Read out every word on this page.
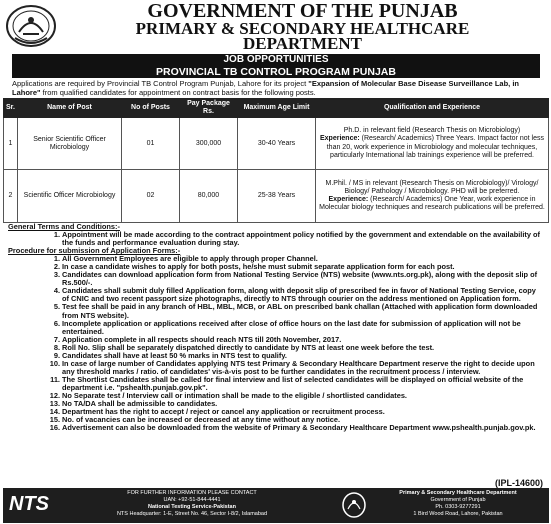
GOVERNMENT OF THE PUNJAB
PRIMARY & SECONDARY HEALTHCARE
DEPARTMENT
JOB OPPORTUNITIES
PROVINCIAL TB CONTROL PROGRAM PUNJAB
Applications are required by Provincial TB Control Program Punjab, Lahore for its project "Expansion of Molecular Base Disease Surveillance Lab, in Lahore" from qualified candidates for appointment on contract basis for the following posts.
Sr.	Name of Post	No of Posts	Pay Package Rs.	Maximum Age Limit	Qualification and Experience
1	Senior Scientific Officer Microbiology	01	300,000	30-40 Years	Ph.D. in relevant field (Research Thesis on Microbiology)
Experience: (Research/ Academics) Three Years. Impact factor not less than 20, work experience in Microbiology and molecular techniques, particularly International lab trainings experience will be preferred.
2	Scientific Officer Microbiology	02	80,000	25-38 Years	M.Phil. / MS in relevant (Research Thesis on Microbiology)/ Virology/ Biology/ Pathology / Microbiology. PHD will be preferred.
Experience: (Research/ Academics) One Year, work experience in Molecular biology techniques and research publications will be preferred.
General Terms and Conditions:-
1. Appointment will be made according to the contract appointment policy notified by the government and extendable on the availability of the funds and performance evaluation during stay.
Procedure for submission of Application Forms:-
1. All Government Employees are eligible to apply through proper Channel.
2. In case a candidate wishes to apply for both posts, he/she must submit separate application form for each post.
3. Candidates can download application form from National Testing Service (NTS) website (www.nts.org.pk), along with the deposit slip of Rs.500/-.
4. Candidates shall submit duly filled Application form, along with deposit slip of prescribed fee in favor of National Testing Service, copy of CNIC and two recent passport size photographs, directly to NTS through courier on the address mentioned on Application form.
5. Test fee shall be paid in any branch of HBL, MBL, MCB, or ABL on prescribed bank challan (Attached with application form downloaded from NTS website).
6. Incomplete application or applications received after close of office hours on the last date for submission of application will not be entertained.
7. Application complete in all respects should reach NTS till 20th November, 2017.
8. Roll No. Slip shall be separately dispatched directly to candidate by NTS at least one week before the test.
9. Candidates shall have at least 50 % marks in NTS test to qualify.
10. In case of large number of Candidates applying NTS test Primary & Secondary Healthcare Department reserve the right to decide upon any threshold marks / ratio. of candidates' vis-à-vis post to be further candidates in the recruitment process / interview.
11. The Shortlist Candidates shall be called for final interview and list of selected candidates will be displayed on official website of the department i.e. "pshealth.punjab.gov.pk".
12. No Separate test / Interview call or intimation shall be made to the eligible / shortlisted candidates.
13. No TA/DA shall be admissible to candidates.
14. Department has the right to accept / reject or cancel any application or recruitment process.
15. No. of vacancies can be increased or decreased at any time without any notice.
16. Advertisement can also be downloaded from the website of Primary & Secondary Healthcare Department www.pshealth.punjab.gov.pk.
(IPL-14600)
NTS	FOR FURTHER INFORMATION PLEASE CONTACT
UAN: +92-51-844-4441
National Testing Service-Pakistan
NTS Headquarter: 1-E, Street No. 46, Sector I-8/2, Islamabad
Primary & Secondary Healthcare Department
Government of Punjab
Ph. 0303-9277291
1 Bird Wood Road, Lahore, Pakistan
